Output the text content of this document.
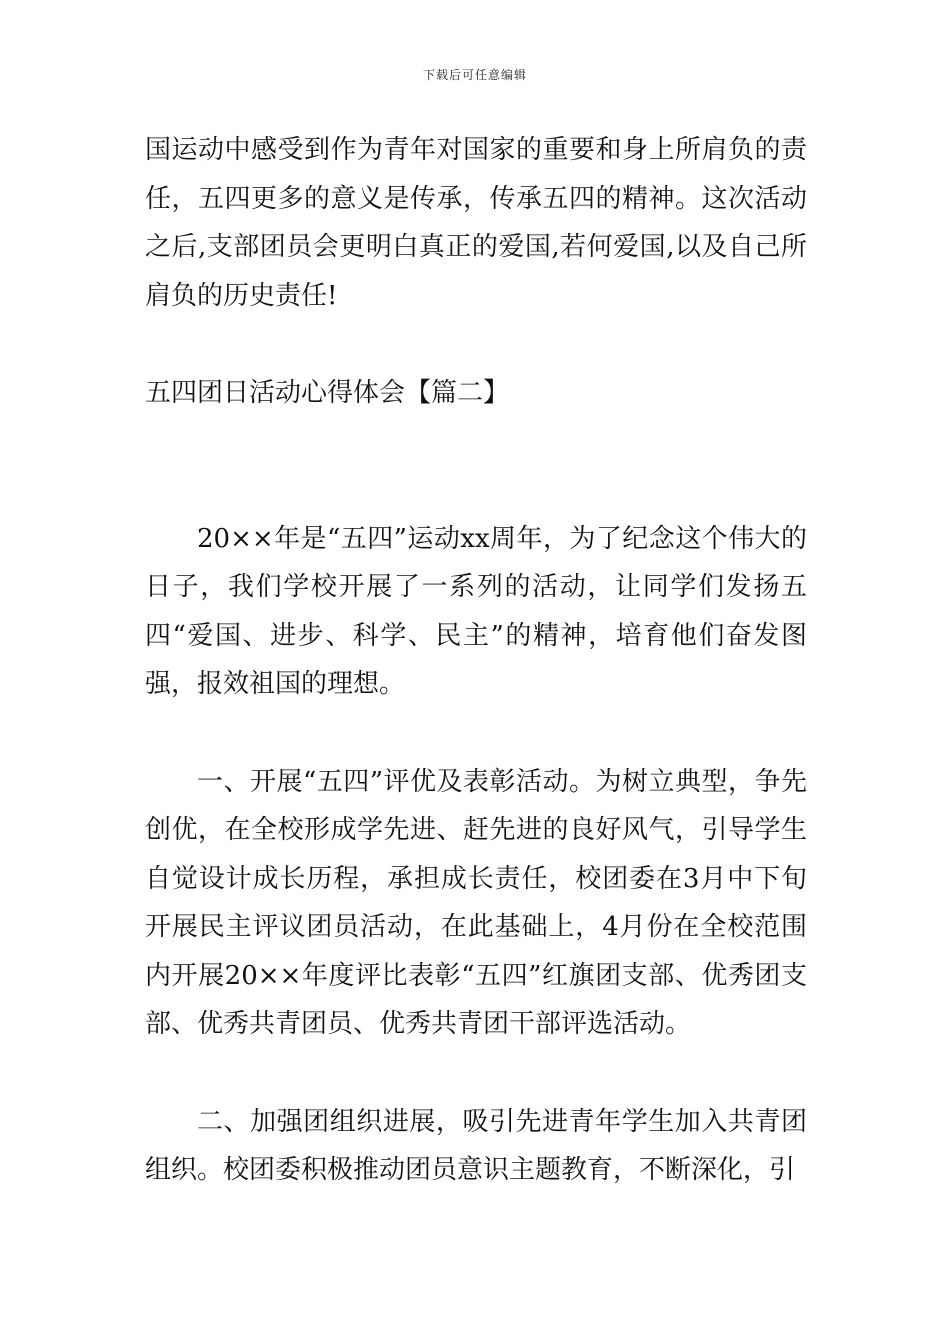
下载后可任意编辑

国运动中感受到作为青年对国家的重要和身上所肩负的责任，五四更多的意义是传承，传承五四的精神。这次活动之后,支部团员会更明白真正的爱国,若何爱国,以及自己所肩负的历史责任!

五四团日活动心得体会【篇二】

20××年是“五四”运动xx周年，为了纪念这个伟大的日子，我们学校开展了一系列的活动，让同学们发扬五四“爱国、进步、科学、民主”的精神，培育他们奋发图强，报效祖国的理想。

一、开展“五四”评优及表彰活动。为树立典型，争先创优，在全校形成学先进、赶先进的良好风气，引导学生自觉设计成长历程，承担成长责任，校团委在3月中下旬开展民主评议团员活动，在此基础上，4月份在全校范围内开展20××年度评比表彰“五四”红旗团支部、优秀团支部、优秀共青团员、优秀共青团干部评选活动。

二、加强团组织进展，吸引先进青年学生加入共青团组织。校团委积极推动团员意识主题教育，不断深化，引
